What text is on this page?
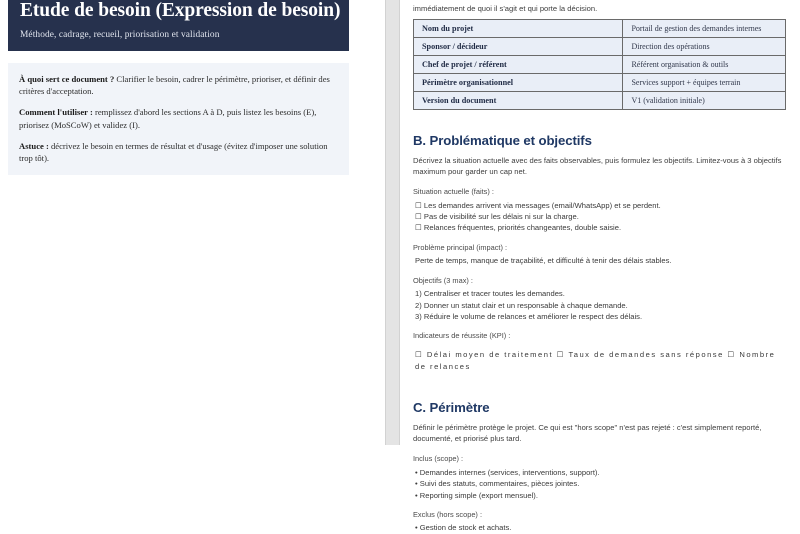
Etude de besoin (Expression de besoin)
Méthode, cadrage, recueil, priorisation et validation

À quoi sert ce document ? Clarifier le besoin, cadrer le périmètre, prioriser, et définir des critères d'acceptation.

Comment l'utiliser : remplissez d'abord les sections A à D, puis listez les besoins (E), priorisez (MoSCoW) et validez (I).

Astuce : décrivez le besoin en termes de résultat et d'usage (évitez d'imposer une solution trop tôt).

immédiatement de quoi il s'agit et qui porte la décision.
Nom du projet	Portail de gestion des demandes internes
Sponsor / décideur	Direction des opérations
Chef de projet / référent	Référent organisation & outils
Périmètre organisationnel	Services support + équipes terrain
Version du document	V1 (validation initiale)
B. Problématique et objectifs

Décrivez la situation actuelle avec des faits observables, puis formulez les objectifs. Limitez-vous à 3 objectifs maximum pour garder un cap net.

Situation actuelle (faits) :

☐ Les demandes arrivent via messages (email/WhatsApp) et se perdent.

☐ Pas de visibilité sur les délais ni sur la charge.

☐ Relances fréquentes, priorités changeantes, double saisie.

Problème principal (impact) :

Perte de temps, manque de traçabilité, et difficulté à tenir des délais stables.

Objectifs (3 max) :

1) Centraliser et tracer toutes les demandes.

2) Donner un statut clair et un responsable à chaque demande.

3) Réduire le volume de relances et améliorer le respect des délais.

Indicateurs de réussite (KPI) :

☐ Délai moyen de traitement ☐ Taux de demandes sans réponse ☐ Nombre de relances

C. Périmètre

Définir le périmètre protège le projet. Ce qui est "hors scope" n'est pas rejeté : c'est simplement reporté, documenté, et priorisé plus tard.

Inclus (scope) :

• Demandes internes (services, interventions, support).

• Suivi des statuts, commentaires, pièces jointes.

• Reporting simple (export mensuel).

Exclus (hors scope) :

• Gestion de stock et achats.
